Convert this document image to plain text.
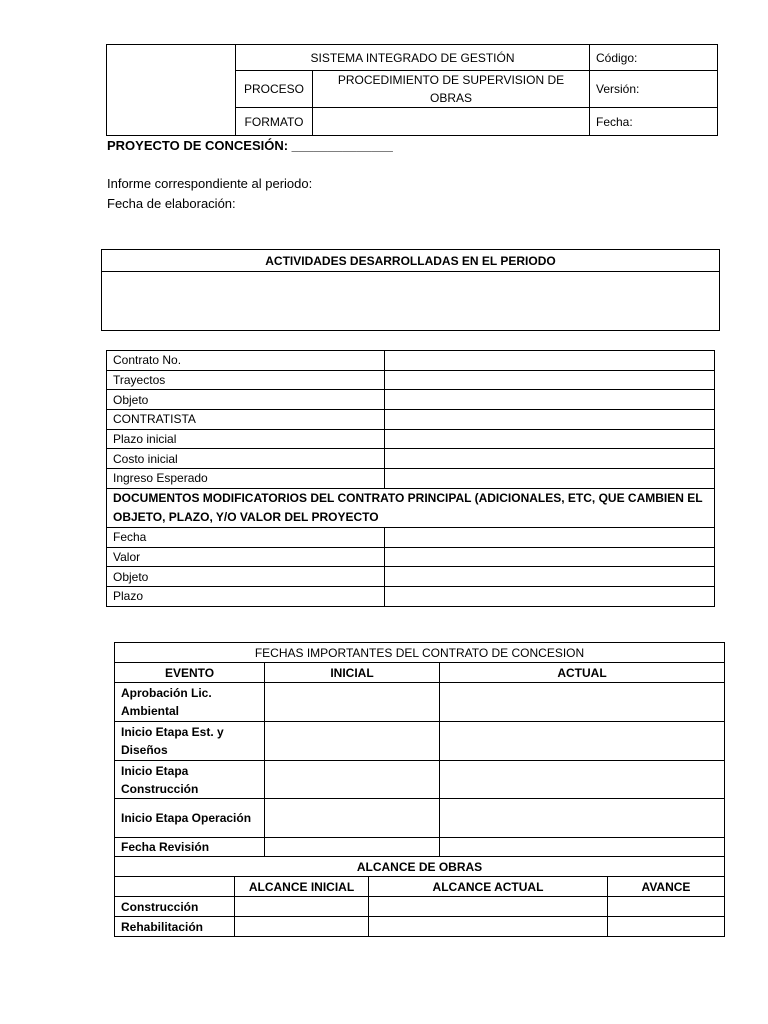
	SISTEMA INTEGRADO DE GESTIÓN		Código:
	PROCESO	PROCEDIMIENTO DE SUPERVISION DE OBRAS	Versión:
	FORMATO		Fecha:
PROYECTO DE CONCESIÓN: ______________
Informe correspondiente al periodo:
Fecha de elaboración:
ACTIVIDADES DESARROLLADAS EN EL PERIODO

Contrato No.	
Trayectos	
Objeto	
CONTRATISTA	
Plazo inicial	
Costo inicial	
Ingreso Esperado	
DOCUMENTOS MODIFICATORIOS DEL CONTRATO PRINCIPAL (ADICIONALES, ETC, QUE CAMBIEN EL OBJETO, PLAZO, Y/O VALOR DEL PROYECTO	
Fecha	
Valor	
Objeto	
Plazo	
FECHAS IMPORTANTES DEL CONTRATO DE CONCESION					
EVENTO		INICIAL		ACTUAL	
Aprobación Lic. Ambiental					
Inicio Etapa Est. y Diseños					
Inicio Etapa Construcción					
Inicio Etapa Operación					
Fecha Revisión					
ALCANCE DE OBRAS					
	ALCANCE INICIAL		ALCANCE ACTUAL		AVANCE
Construcción					
Rehabilitación					
